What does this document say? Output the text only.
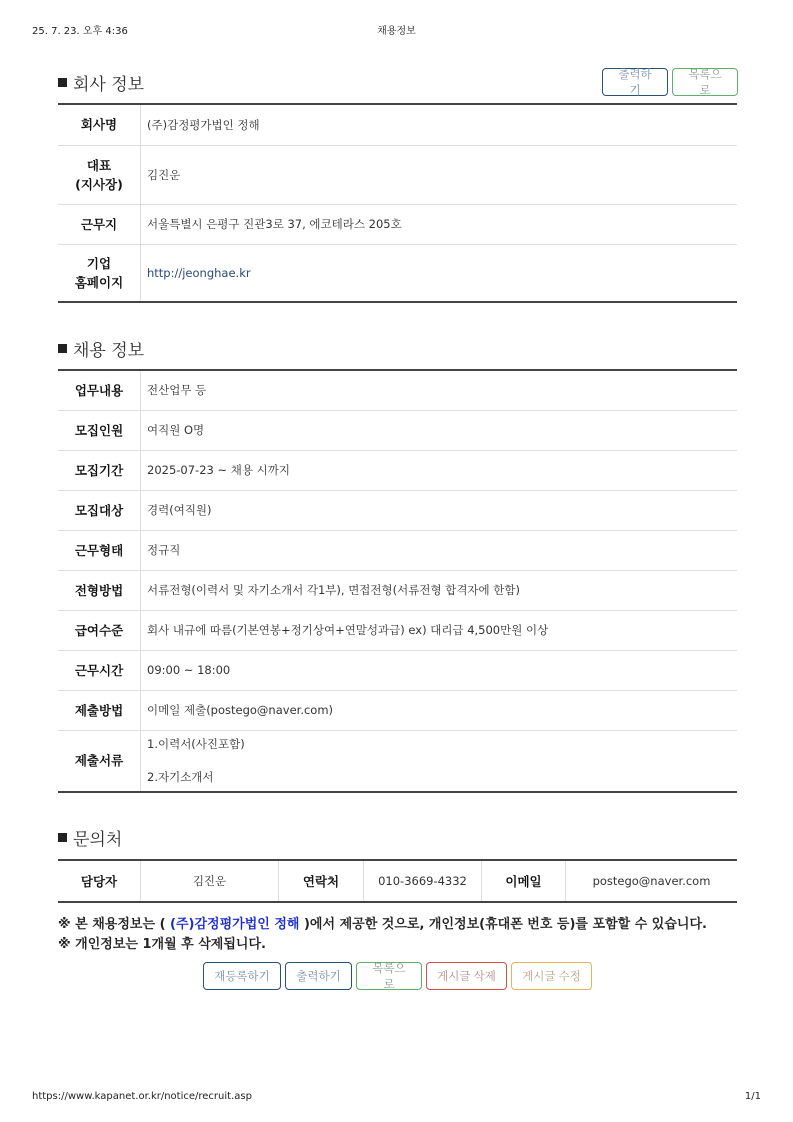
25. 7. 23. 오후 4:36	채용정보
회사 정보	출력하기
목록으로
회사명	(주)감정평가법인 정해

대표
(지사장)	김진운
근무지	서울특별시 은평구 진관3로 37, 에코테라스 205호

기업
홈페이지	http://jeonghae.kr
채용 정보
업무내용	전산업무 등
모집인원	여직원 O명
모집기간	2025-07-23 ~ 채용 시까지
모집대상	경력(여직원)
근무형태	정규직
전형방법	서류전형(이력서 및 자기소개서 각1부), 면접전형(서류전형 합격자에 한함)
급여수준	회사 내규에 따름(기본연봉+정기상여+연말성과급) ex) 대리급 4,500만원 이상
근무시간	09:00 ~ 18:00
제출방법	이메일 제출(postego@naver.com)
제출서류	1.이력서(사진포함)
2.자기소개서
문의처
담당자	김진운	연락처	010-3669-4332	이메일	postego@naver.com
※ 본 채용정보는 ( (주)감정평가법인 정해 )에서 제공한 것으로, 개인정보(휴대폰 번호 등)를 포함할 수 있습니다.
※ 개인정보는 1개월 후 삭제됩니다.
재등록하기	출력하기
목록으로
게시글 삭제	게시글 수정
https://www.kapanet.or.kr/notice/recruit.asp	1/1
